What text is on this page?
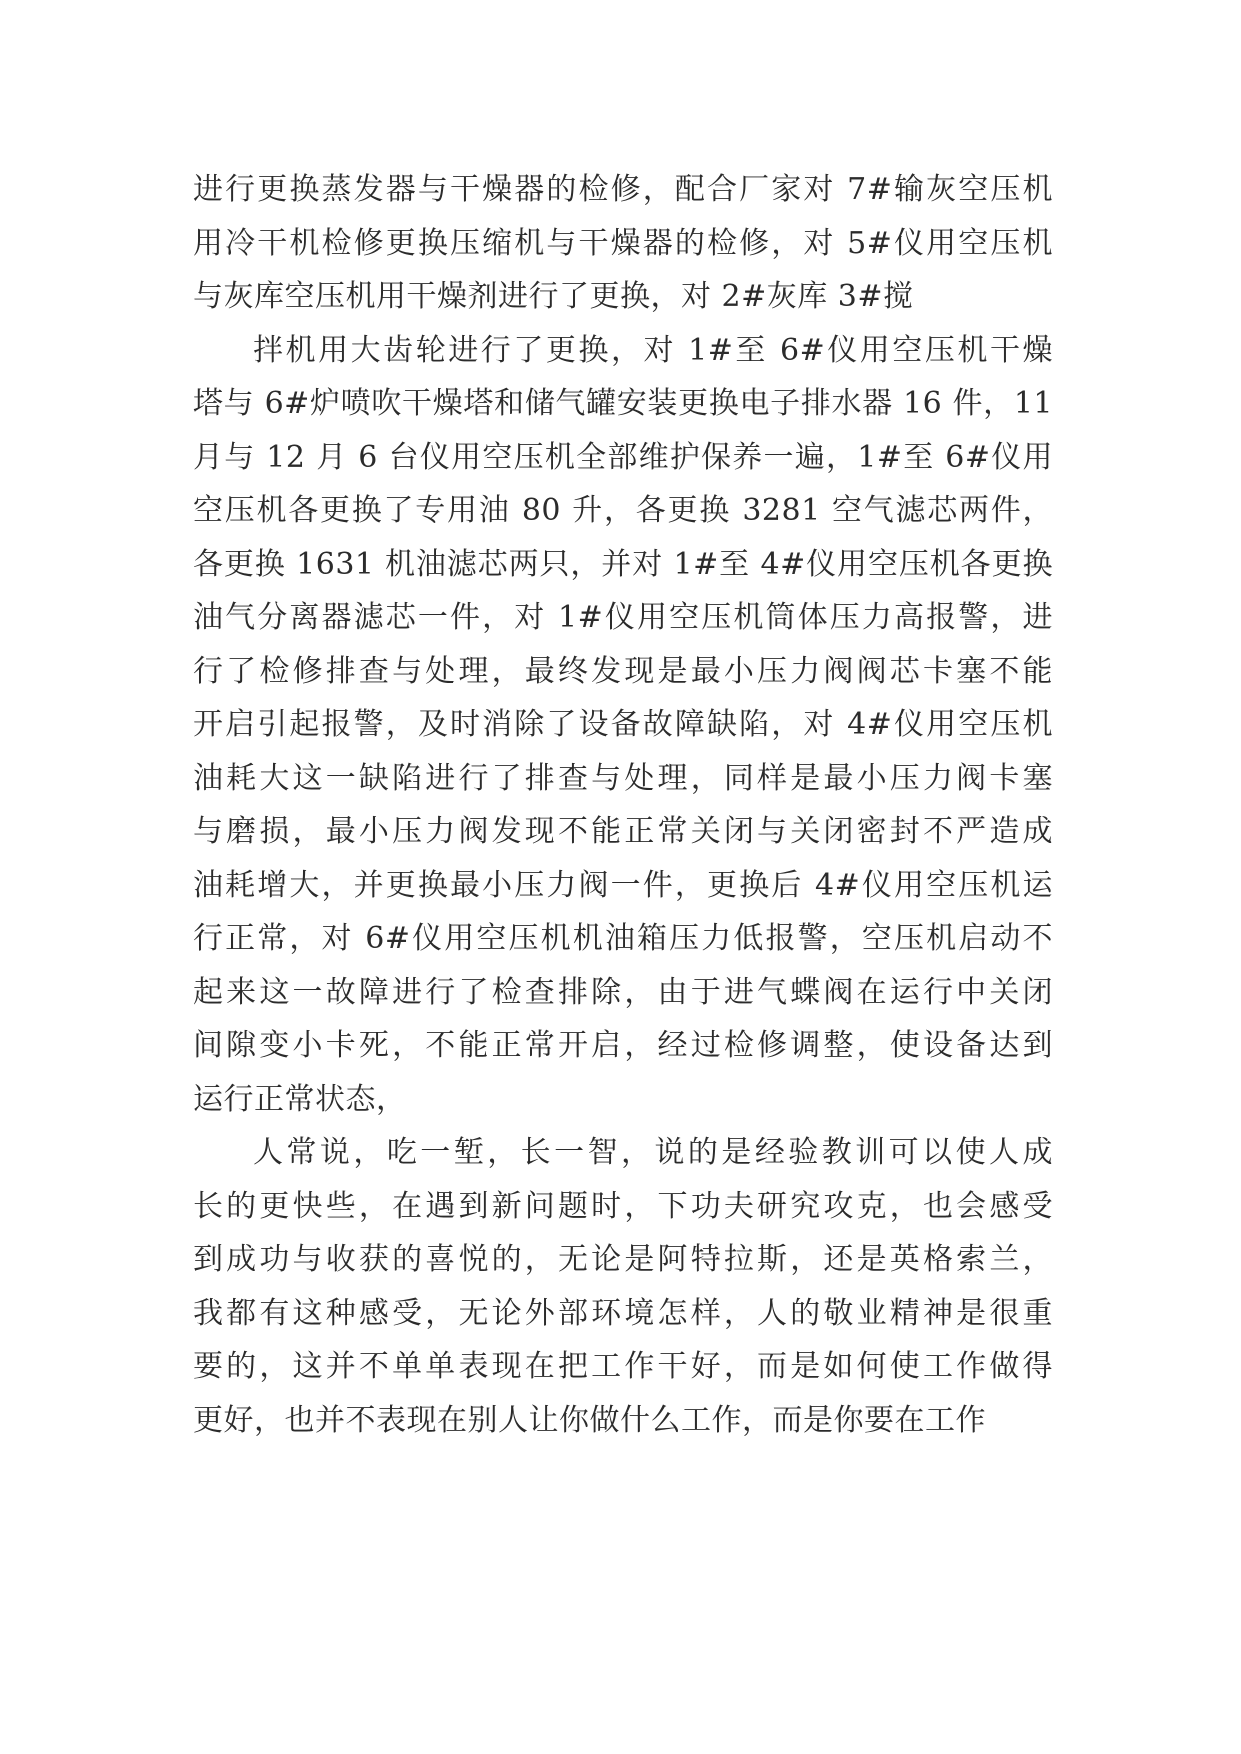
进行更换蒸发器与干燥器的检修，配合厂家对 7#输灰空压机
用冷干机检修更换压缩机与干燥器的检修，对 5#仪用空压机
与灰库空压机用干燥剂进行了更换，对 2#灰库 3#搅
拌机用大齿轮进行了更换，对 1#至 6#仪用空压机干燥
塔与 6#炉喷吹干燥塔和储气罐安装更换电子排水器 16 件，11
月与 12 月 6 台仪用空压机全部维护保养一遍，1#至 6#仪用
空压机各更换了专用油 80 升，各更换 3281 空气滤芯两件，
各更换 1631 机油滤芯两只，并对 1#至 4#仪用空压机各更换
油气分离器滤芯一件，对 1#仪用空压机筒体压力高报警，进
行了检修排查与处理，最终发现是最小压力阀阀芯卡塞不能
开启引起报警，及时消除了设备故障缺陷，对 4#仪用空压机
油耗大这一缺陷进行了排查与处理，同样是最小压力阀卡塞
与磨损，最小压力阀发现不能正常关闭与关闭密封不严造成
油耗增大，并更换最小压力阀一件，更换后 4#仪用空压机运
行正常，对 6#仪用空压机机油箱压力低报警，空压机启动不
起来这一故障进行了检查排除，由于进气蝶阀在运行中关闭
间隙变小卡死，不能正常开启，经过检修调整，使设备达到
运行正常状态，
人常说，吃一堑，长一智，说的是经验教训可以使人成
长的更快些，在遇到新问题时，下功夫研究攻克，也会感受
到成功与收获的喜悦的，无论是阿特拉斯，还是英格索兰，
我都有这种感受，无论外部环境怎样，人的敬业精神是很重
要的，这并不单单表现在把工作干好，而是如何使工作做得
更好，也并不表现在别人让你做什么工作，而是你要在工作
